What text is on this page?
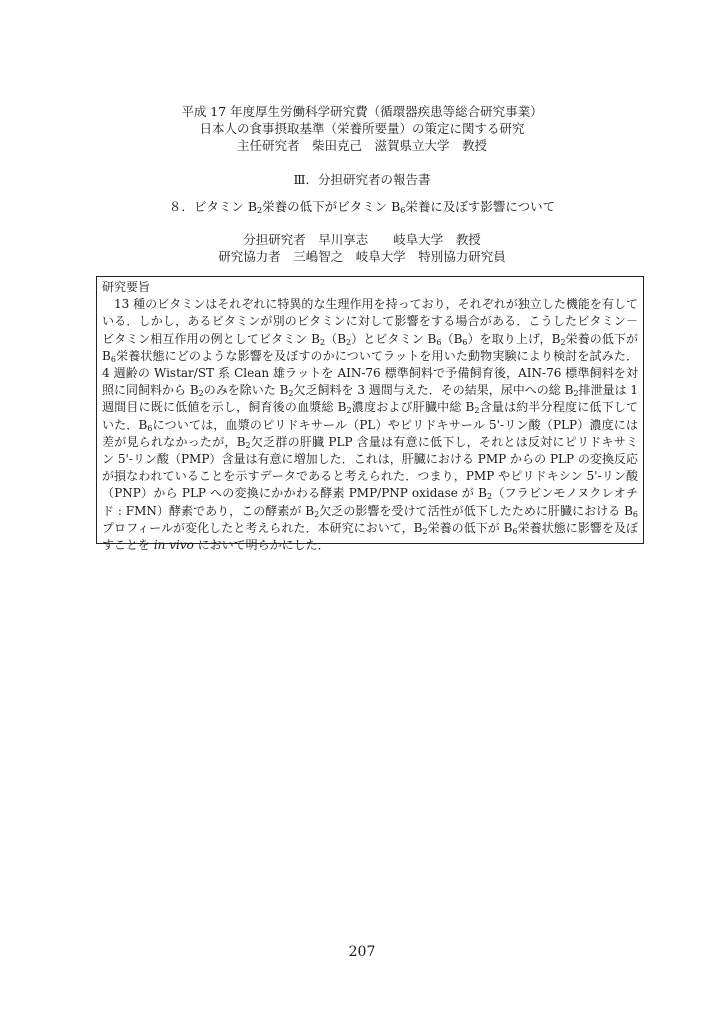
平成 17 年度厚生労働科学研究費（循環器疾患等総合研究事業）
日本人の食事摂取基準（栄養所要量）の策定に関する研究
主任研究者　柴田克己　滋賀県立大学　教授
Ⅲ．分担研究者の報告書
８．ビタミン $B_2$栄養の低下がビタミン $B_6$栄養に及ぼす影響について
分担研究者　早川享志　　岐阜大学　教授
研究協力者　三嶋智之　岐阜大学　特別協力研究員
研究要旨

　13 種のビタミンはそれぞれに特異的な生理作用を持っており，それぞれが独立した機能を有している．しかし，あるビタミンが別のビタミンに対して影響をする場合がある．こうしたビタミン－ビタミン相互作用の例としてビタミン $B_2(B_2)$とビタミン $B_6(B_6)$を取り上げ，$B_2$栄養の低下が $B_6$栄養状態にどのような影響を及ぼすのかについてラットを用いた動物実験により検討を試みた．4 週齢の Wistar/ST 系 Clean 雄ラットを AIN-76 標準飼料で予備飼育後，AIN-76 標準飼料を対照に同飼料から $B_2$のみを除いた $B_2$欠乏飼料を 3 週間与えた．その結果，尿中への総 $B_2$排泄量は 1 週間目に既に低値を示し，飼育後の血漿総 $B_2$濃度および肝臓中総 $B_2$含量は約半分程度に低下していた．$B_6$については，血漿のピリドキサール（PL）やピリドキサール 5'-リン酸（PLP）濃度には差が見られなかったが，$B_2$欠乏群の肝臓 PLP 含量は有意に低下し，それとは反対にピリドキサミン 5'-リン酸（PMP）含量は有意に増加した．これは，肝臓における PMP からの PLP の変換反応が損なわれていることを示すデータであると考えられた．つまり，PMP やピリドキシン 5'-リン酸（PNP）から PLP への変換にかかわる酵素 PMP/PNP oxidase が $B_2$（フラビンモノヌクレオチド : FMN）酵素であり，この酵素が $B_2$欠乏の影響を受けて活性が低下したために肝臓における $B_6$プロフィールが変化したと考えられた．本研究において，$B_2$栄養の低下が $B_6$栄養状態に影響を及ぼすことを in vivo において明らかにした．

207
